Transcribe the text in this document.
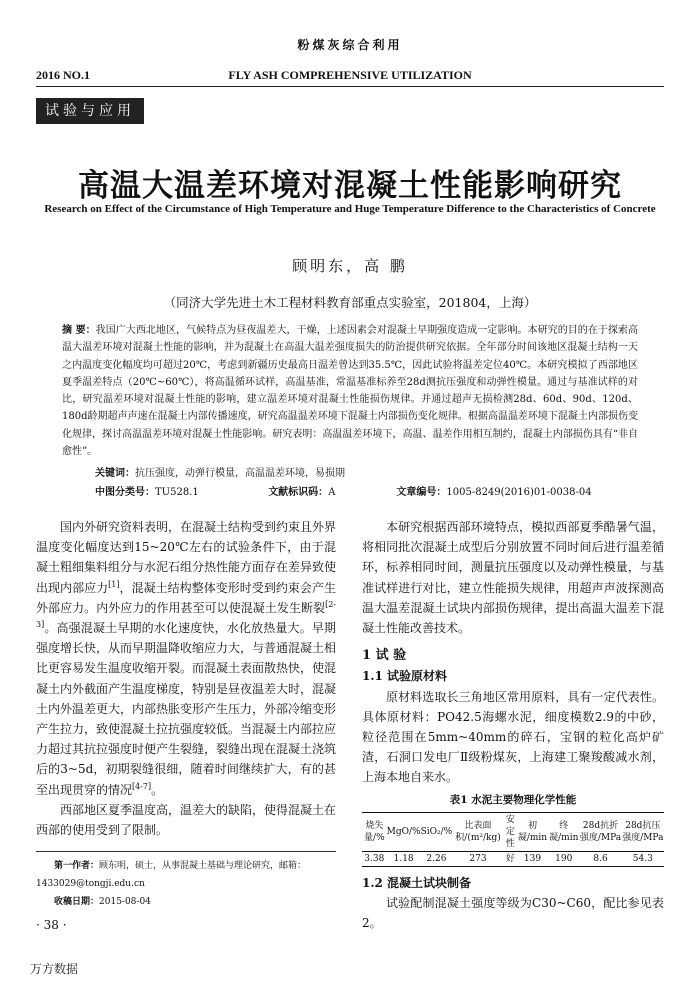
粉煤灰综合利用
2016 NO.1	FLY ASH COMPREHENSIVE UTILIZATION
试验与应用
高温大温差环境对混凝土性能影响研究
Research on Effect of the Circumstance of High Temperature and Huge Temperature Difference to the Characteristics of Concrete
顾明东，高 鹏
（同济大学先进土木工程材料教育部重点实验室，201804，上海）
摘 要：我国广大西北地区，气候特点为昼夜温差大，干燥，上述因素会对混凝土早期强度造成一定影响。本研究的目的在于探索高温大温差环境对混凝土性能的影响，并为混凝土在高温大温差强度损失的防治提供研究依据。全年部分时间该地区混凝土结构一天之内温度变化幅度均可超过20℃，考虑到新疆历史最高日温差曾达到35.5℃，因此试验将温差定位40℃。本研究模拟了西部地区夏季温差特点（20℃~60℃），将高温循环试样，高温基准，常温基准标养至28d测抗压强度和动弹性模量。通过与基准试样的对比，研究温差环境对混凝土性能的影响，建立温差环境对混凝土性能损伤规律。并通过超声无损检测28d、60d、90d、120d、180d龄期超声声速在混凝土内部传播速度，研究高温温差环境下混凝土内部损伤变化规律。根据高温温差环境下混凝土内部损伤变化规律，探讨高温温差环境对混凝土性能影响。研究表明：高温温差环境下，高温、温差作用相互制约，混凝土内部损伤具有“非自愈性”。
关键词：抗压强度，动弹行模量，高温温差环境，易损期
中图分类号：TU528.1	文献标识码：A	文章编号：1005-8249(2016)01-0038-04

国内外研究资料表明，在混凝土结构受到约束且外界温度变化幅度达到15~20℃左右的试验条件下，由于混凝土粗细集料组分与水泥石组分热性能方面存在差异致使出现内部应力[1]，混凝土结构整体变形时受到约束会产生外部应力。内外应力的作用甚至可以使混凝土发生断裂[2-3]。高强混凝土早期的水化速度快，水化放热量大。早期强度增长快，从而早期温降收缩应力大，与普通混凝土相比更容易发生温度收缩开裂。而混凝土表面散热快，使混凝土内外截面产生温度梯度，特别是昼夜温差大时，混凝土内外温差更大，内部热胀变形产生压力，外部冷缩变形产生拉力，致使混凝土拉抗强度较低。当混凝土内部拉应力超过其抗拉强度时便产生裂缝，裂缝出现在混凝土浇筑后的3~5d，初期裂缝很细，随着时间继续扩大，有的甚至出现贯穿的情况[4-7]。

西部地区夏季温度高，温差大的缺陷，使得混凝土在西部的使用受到了限制。

本研究根据西部环境特点，模拟西部夏季酷暑气温，将相同批次混凝土成型后分别放置不同时间后进行温差循环，标养相同时间，测量抗压强度以及动弹性模量，与基准试样进行对比，建立性能损失规律，用超声声波探测高温大温差混凝土试块内部损伤规律，提出高温大温差下混凝土性能改善技术。

1 试 验

1.1 试验原材料

原材料选取长三角地区常用原料，具有一定代表性。具体原材料：PO42.5海螺水泥，细度模数2.9的中砂，粒径范围在5mm~40mm的碎石，宝钢的粒化高炉矿渣，石洞口发电厂Ⅱ级粉煤灰，上海建工聚羧酸减水剂，上海本地自来水。

表1 水泥主要物理化学性能
烧失量/%	MgO/%	SiO₂/%	比表面积/(m²/kg)	安定性	初凝/min	终凝/min	28d抗折强度/MPa	28d抗压强度/MPa
3.38	1.18	2.26	273	好	139	190	8.6	54.3

1.2 混凝土试块制备

试验配制混凝土强度等级为C30~C60，配比参见表2。

第一作者：顾东明，硕士，从事混凝土基础与理论研究，邮箱：1433029@tongji.edu.cn
收稿日期：2015-08-04
· 38 ·
万方数据
